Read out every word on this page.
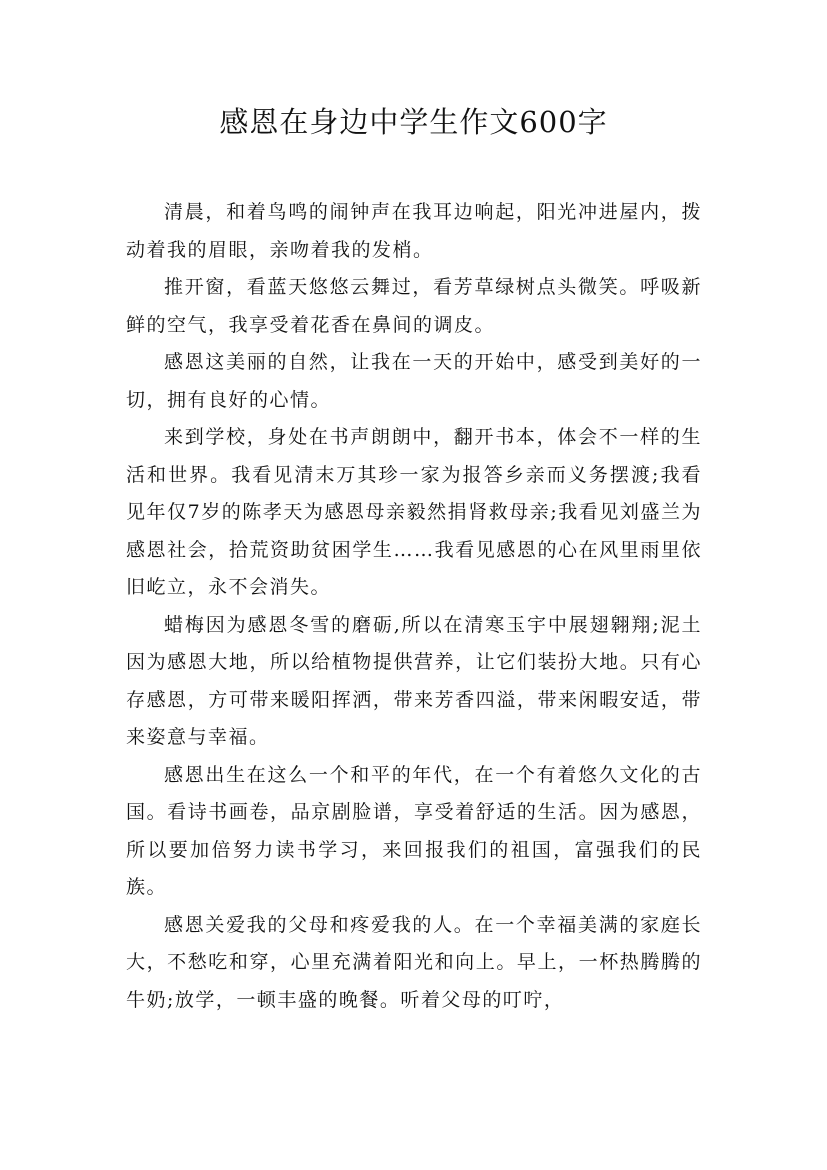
感恩在身边中学生作文600字

清晨，和着鸟鸣的闹钟声在我耳边响起，阳光冲进屋内，拨动着我的眉眼，亲吻着我的发梢。

推开窗，看蓝天悠悠云舞过，看芳草绿树点头微笑。呼吸新鲜的空气，我享受着花香在鼻间的调皮。

感恩这美丽的自然，让我在一天的开始中，感受到美好的一切，拥有良好的心情。

来到学校，身处在书声朗朗中，翻开书本，体会不一样的生活和世界。我看见清末万其珍一家为报答乡亲而义务摆渡;我看见年仅7岁的陈孝天为感恩母亲毅然捐肾救母亲;我看见刘盛兰为感恩社会，拾荒资助贫困学生……我看见感恩的心在风里雨里依旧屹立，永不会消失。

蜡梅因为感恩冬雪的磨砺,所以在清寒玉宇中展翅翱翔;泥土因为感恩大地，所以给植物提供营养，让它们装扮大地。只有心存感恩，方可带来暖阳挥洒，带来芳香四溢，带来闲暇安适，带来姿意与幸福。

感恩出生在这么一个和平的年代，在一个有着悠久文化的古国。看诗书画卷，品京剧脸谱，享受着舒适的生活。因为感恩，所以要加倍努力读书学习，来回报我们的祖国，富强我们的民族。

感恩关爱我的父母和疼爱我的人。在一个幸福美满的家庭长大，不愁吃和穿，心里充满着阳光和向上。早上，一杯热腾腾的牛奶;放学，一顿丰盛的晚餐。听着父母的叮咛，
